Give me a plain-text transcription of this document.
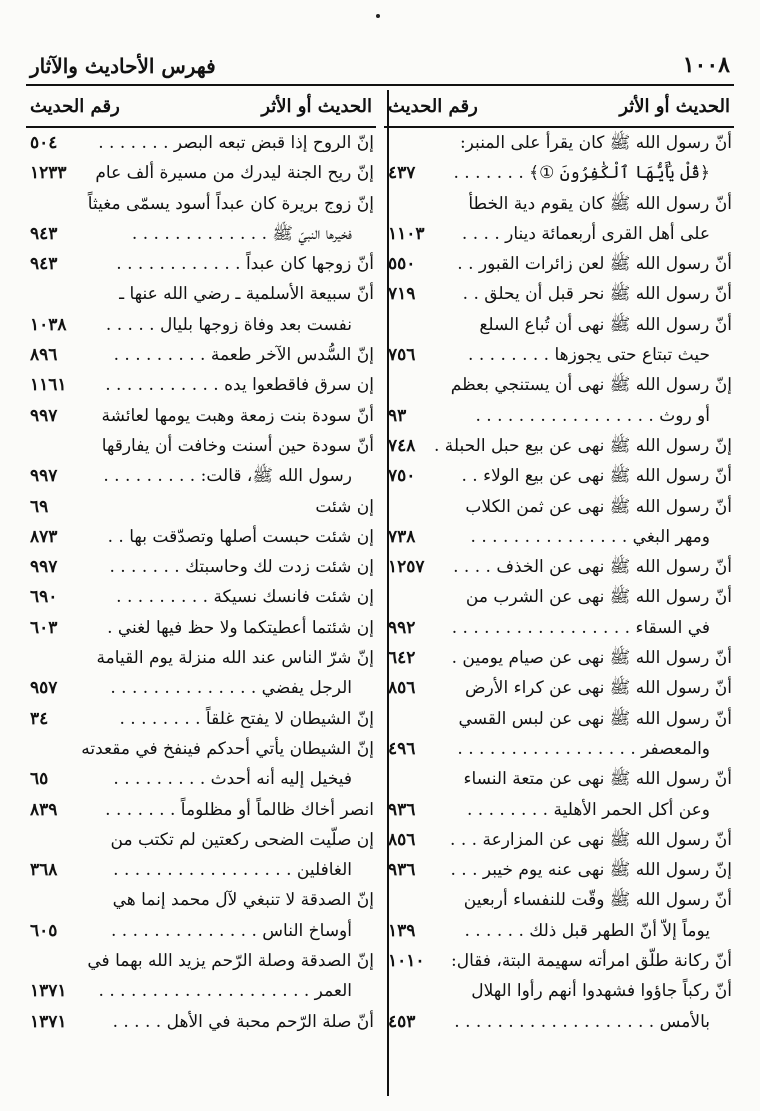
١٠٠٨
فهرس الأحاديث والآثار
الحديث أو الأثر
رقم الحديث
أنّ رسول الله ﷺ كان يقرأ على المنبر:
﴿قُلْ يَٰأَيُّهَا ٱلْكَٰفِرُونَ ①﴾ . . . . . . .
٤٣٧
أنّ رسول الله ﷺ كان يقوم دية الخطأ
على أهل القرى أربعمائة دينار . . . .
١١٠٣
أنّ رسول الله ﷺ لعن زائرات القبور . .
٥٥٠
أنّ رسول الله ﷺ نحر قبل أن يحلق . .
٧١٩
أنّ رسول الله ﷺ نهى أن تُباع السلع
حيث تبتاع حتى يجوزها . . . . . . . .
٧٥٦
إنّ رسول الله ﷺ نهى أن يستنجي بعظم
أو روث . . . . . . . . . . . . . . . . .
٩٣
إنّ رسول الله ﷺ نهى عن بيع حبل الحبلة .
٧٤٨
أنّ رسول الله ﷺ نهى عن بيع الولاء . .
٧٥٠
أنّ رسول الله ﷺ نهى عن ثمن الكلاب
ومهر البغي . . . . . . . . . . . . . . .
٧٣٨
أنّ رسول الله ﷺ نهى عن الخذف . . . .
١٢٥٧
أنّ رسول الله ﷺ نهى عن الشرب من
في السقاء . . . . . . . . . . . . . . . . .
٩٩٢
أنّ رسول الله ﷺ نهى عن صيام يومين .
٦٤٢
أنّ رسول الله ﷺ نهى عن كراء الأرض
٨٥٦
أنّ رسول الله ﷺ نهى عن لبس القسي
والمعصفر . . . . . . . . . . . . . . . . .
٤٩٦
أنّ رسول الله ﷺ نهى عن متعة النساء
وعن أكل الحمر الأهلية . . . . . . . .
٩٣٦
أنّ رسول الله ﷺ نهى عن المزارعة . . .
٨٥٦
إنّ رسول الله ﷺ نهى عنه يوم خيبر . . .
٩٣٦
أنّ رسول الله ﷺ وقّت للنفساء أربعين
يوماً إلاّ أنّ الطهر قبل ذلك . . . . . .
١٣٩
أنّ ركانة طلّق امرأته سهيمة البتة، فقال:
١٠١٠
أنّ ركباً جاؤوا فشهدوا أنهم رأوا الهلال
بالأمس . . . . . . . . . . . . . . . . . . .
٤٥٣
الحديث أو الأثر
رقم الحديث
إنّ الروح إذا قبض تبعه البصر . . . . . . .
٥٠٤
إنّ ريح الجنة ليدرك من مسيرة ألف عام
١٢٣٣
إنّ زوج بريرة كان عبداً أسود يسمّى مغيثاً
فخيرها النبيّ ﷺ . . . . . . . . . . . . .
٩٤٣
أنّ زوجها كان عبداً . . . . . . . . . . . .
٩٤٣
أنّ سبيعة الأسلمية ـ رضي الله عنها ـ
نفست بعد وفاة زوجها بليال . . . . .
١٠٣٨
إنّ السُّدس الآخر طعمة . . . . . . . . .
٨٩٦
إن سرق فاقطعوا يده . . . . . . . . . . .
١١٦١
أنّ سودة بنت زمعة وهبت يومها لعائشة
٩٩٧
أنّ سودة حين أسنت وخافت أن يفارقها
رسول الله ﷺ، قالت: . . . . . . . . .
٩٩٧
إن شئت
٦٩
إن شئت حبست أصلها وتصدّقت بها . .
٨٧٣
إن شئت زدت لك وحاسبتك . . . . . . .
٩٩٧
إن شئت فانسك نسيكة . . . . . . . . .
٦٩٠
إن شئتما أعطيتكما ولا حظ فيها لغني .
٦٠٣
إنّ شرّ الناس عند الله منزلة يوم القيامة
الرجل يفضي . . . . . . . . . . . . . .
٩٥٧
إنّ الشيطان لا يفتح غلقاً . . . . . . . .
٣٤
إنّ الشيطان يأتي أحدكم فينفخ في مقعدته
فيخيل إليه أنه أحدث . . . . . . . . .
٦٥
انصر أخاك ظالماً أو مظلوماً . . . . . . .
٨٣٩
إن صلّيت الضحى ركعتين لم تكتب من
الغافلين . . . . . . . . . . . . . . . . .
٣٦٨
إنّ الصدقة لا تنبغي لآل محمد إنما هي
أوساخ الناس . . . . . . . . . . . . . .
٦٠٥
إنّ الصدقة وصلة الرّحم يزيد الله بهما في
العمر . . . . . . . . . . . . . . . . . . . .
١٣٧١
أنّ صلة الرّحم محبة في الأهل . . . . .
١٣٧١
